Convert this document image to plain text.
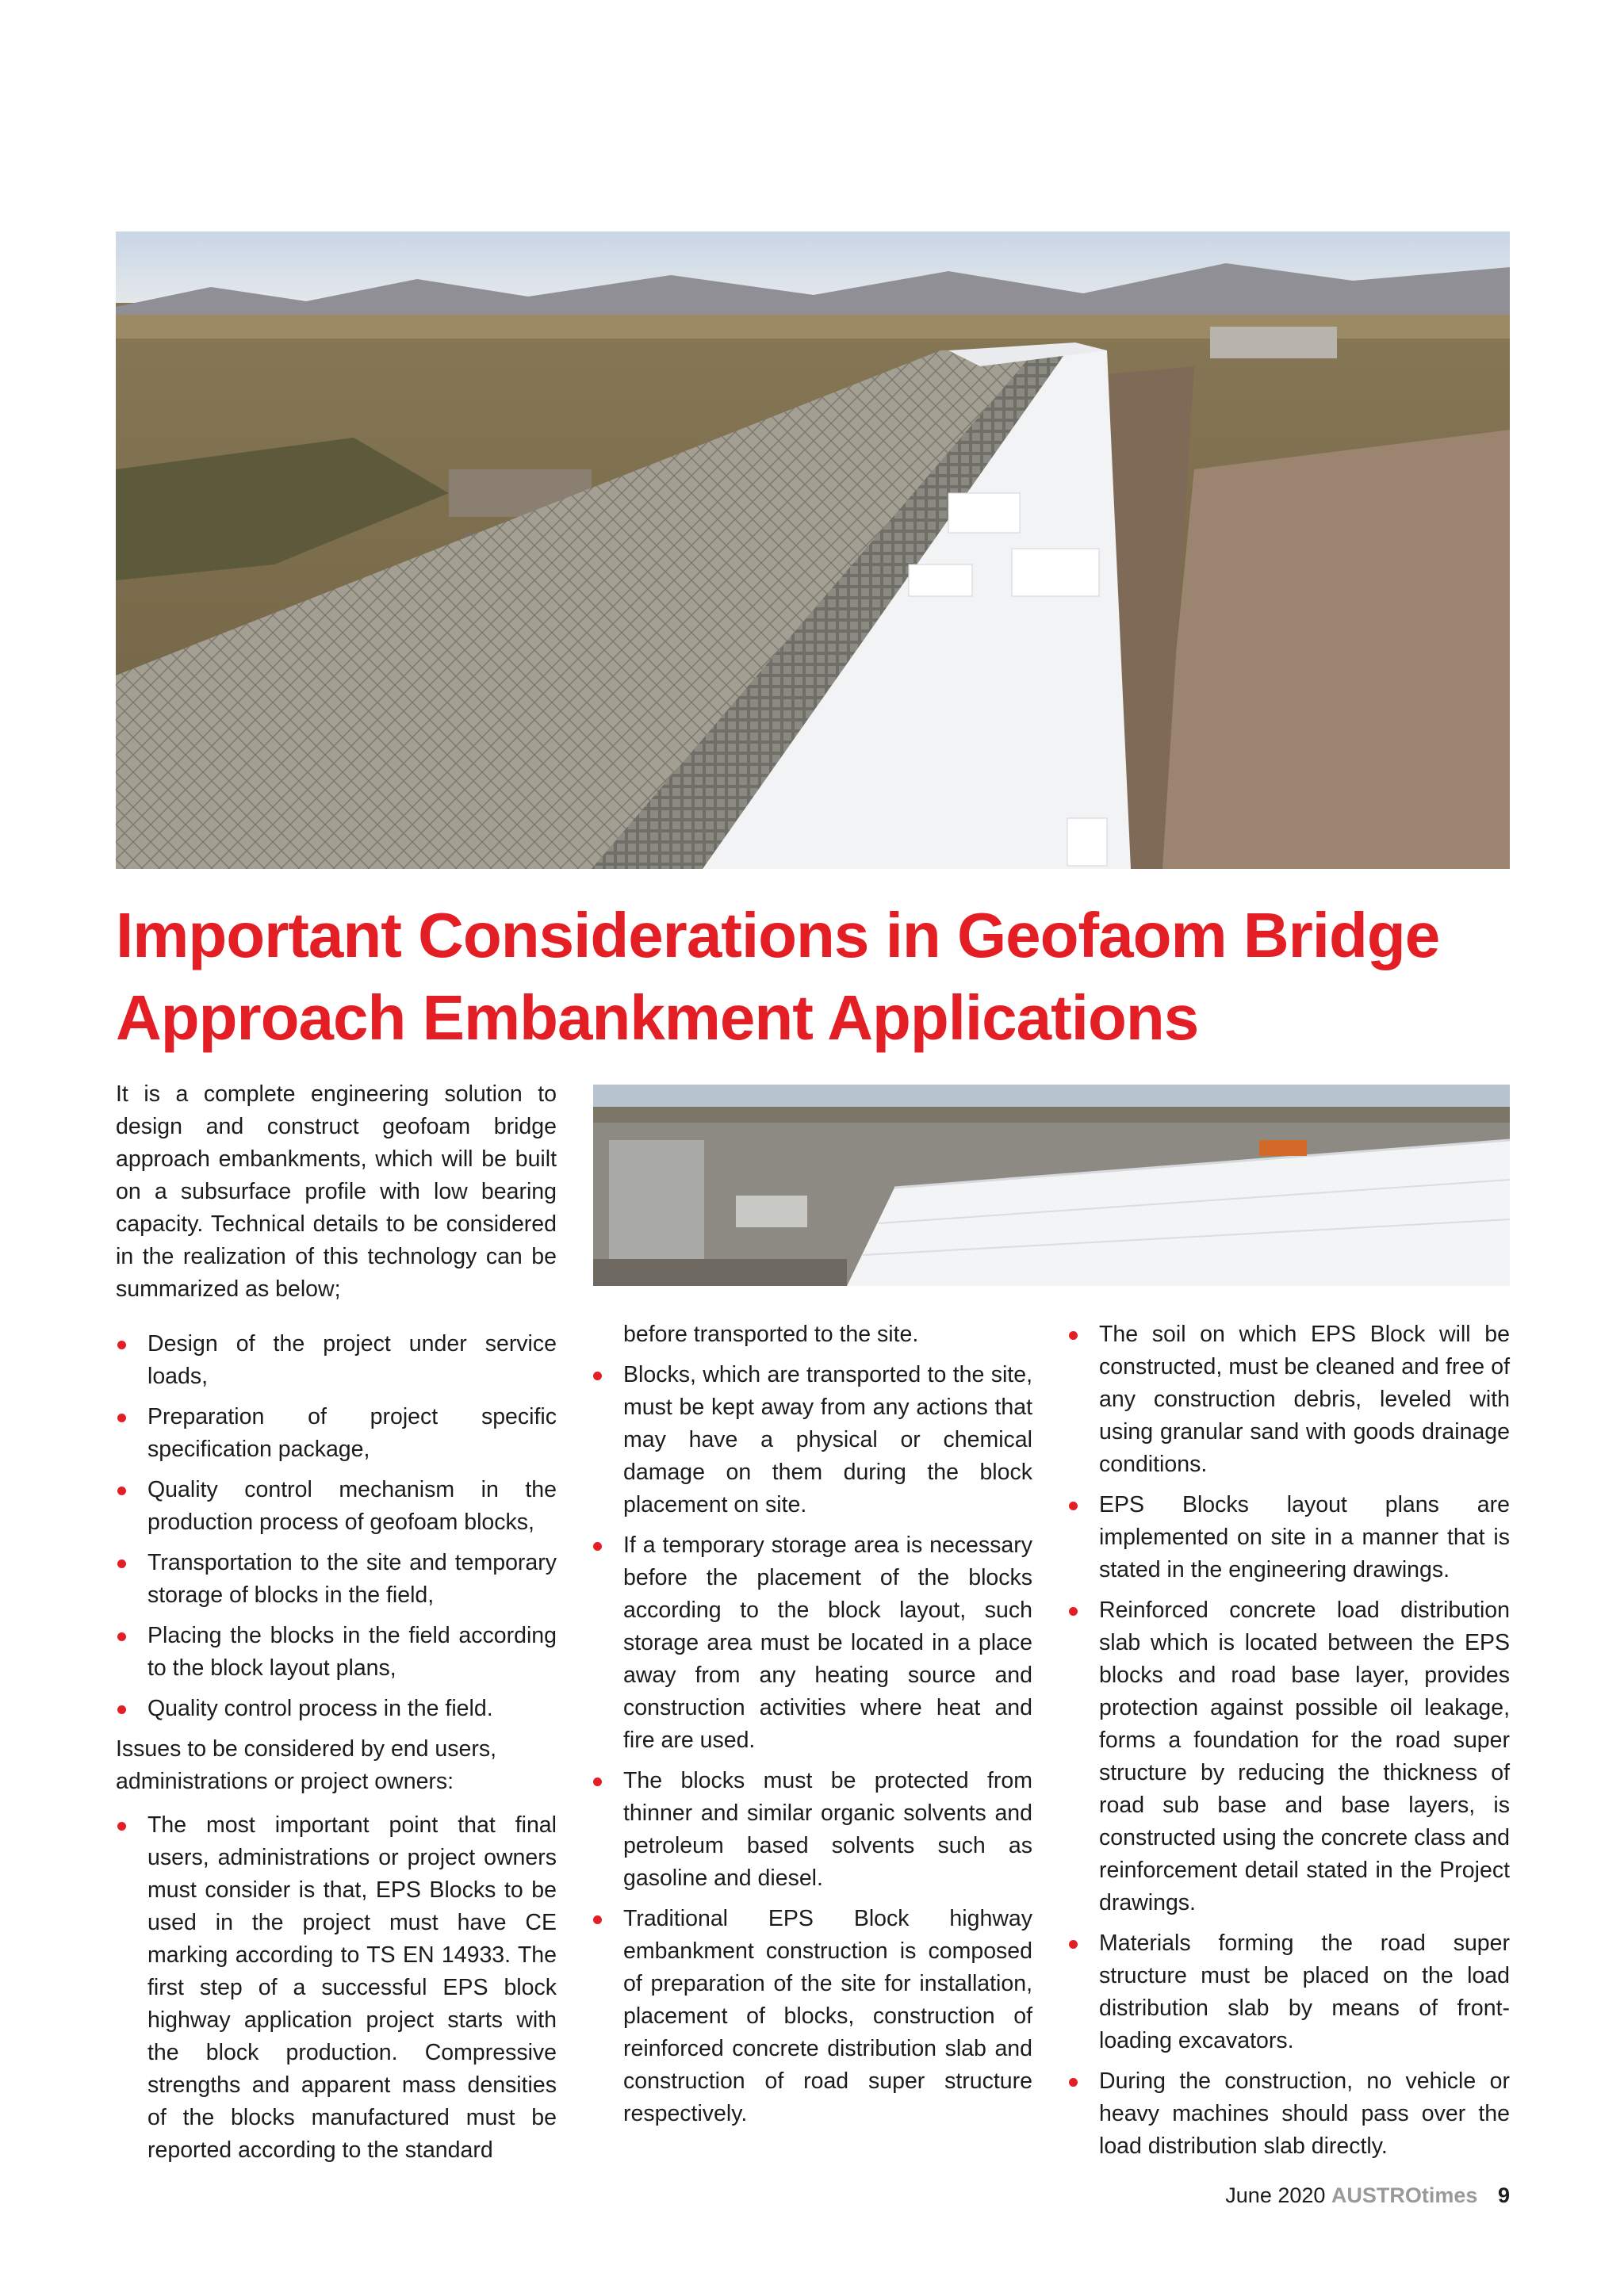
Important Considerations in Geofaom Bridge Approach Embankment Applications

It is a complete engineering solution to design and construct geofoam bridge approach embankments, which will be built on a subsurface profile with low bearing capacity. Technical details to be considered in the realization of this technology can be summarized as below;

Design of the project under service loads,
Preparation of project specific specification package,
Quality control mechanism in the production process of geofoam blocks,
Transportation to the site and temporary storage of blocks in the field,
Placing the blocks in the field according to the block layout plans,
Quality control process in the field.

Issues to be considered by end users, administrations or project owners:

The most important point that final users, administrations or project owners must consider is that, EPS Blocks to be used in the project must have CE marking according to TS EN 14933. The first step of a successful EPS block highway application project starts with the block production. Compressive strengths and apparent mass densities of the blocks manufactured must be reported according to the standard
before transported to the site.
Blocks, which are transported to the site, must be kept away from any actions that may have a physical or chemical damage on them during the block placement on site.
If a temporary storage area is necessary before the placement of the blocks according to the block layout, such storage area must be located in a place away from any heating source and construction activities where heat and fire are used.
The blocks must be protected from thinner and similar organic solvents and petroleum based solvents such as gasoline and diesel.
Traditional EPS Block highway embankment construction is composed of preparation of the site for installation, placement of blocks, construction of reinforced concrete distribution slab and construction of road super structure respectively.
The soil on which EPS Block will be constructed, must be cleaned and free of any construction debris, leveled with using granular sand with goods drainage conditions.
EPS Blocks layout plans are implemented on site in a manner that is stated in the engineering drawings.
Reinforced concrete load distribution slab which is located between the EPS blocks and road base layer, provides protection against possible oil leakage, forms a foundation for the road super structure by reducing the thickness of road sub base and base layers, is constructed using the concrete class and reinforcement detail stated in the Project drawings.
Materials forming the road super structure must be placed on the load distribution slab by means of front-loading excavators.
During the construction, no vehicle or heavy machines should pass over the load distribution slab directly.
June 2020 AUSTROtimes 9
